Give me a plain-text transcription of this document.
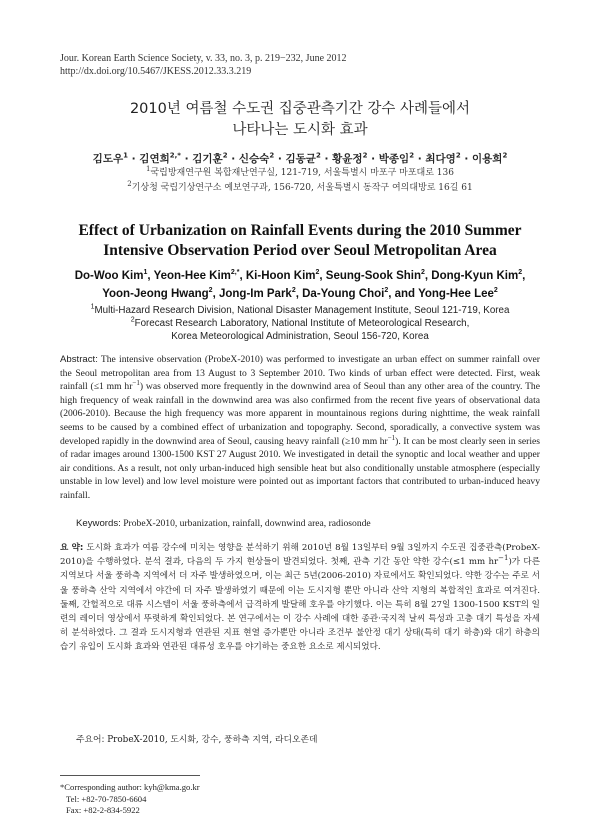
Jour. Korean Earth Science Society, v. 33, no. 3, p. 219−232, June 2012
http://dx.doi.org/10.5467/JKESS.2012.33.3.219
2010년 여름철 수도권 집중관측기간 강수 사례들에서
나타나는 도시화 효과
김도우$^1$ · 김연희$^{2,*}$ · 김기훈$^2$ · 신승숙$^2$ · 김동균$^2$ · 황윤정$^2$ · 박종임$^2$ · 최다영$^2$ · 이용희$^2$
$^1$국립방재연구원 복합재난연구실, 121-719, 서울특별시 마포구 마포대로 136
$^2$기상청 국립기상연구소 예보연구과, 156-720, 서울특별시 동작구 여의대방로 16길 61
Effect of Urbanization on Rainfall Events during the 2010 Summer
Intensive Observation Period over Seoul Metropolitan Area
Do-Woo Kim$^1$, Yeon-Hee Kim$^{2,*}$, Ki-Hoon Kim$^2$, Seung-Sook Shin$^2$, Dong-Kyun Kim$^2$,
Yoon-Jeong Hwang$^2$, Jong-Im Park$^2$, Da-Young Choi$^2$, and Yong-Hee Lee$^2$
$^1$Multi-Hazard Research Division, National Disaster Management Institute, Seoul 121-719, Korea
$^2$Forecast Research Laboratory, National Institute of Meteorological Research,
Korea Meteorological Administration, Seoul 156-720, Korea
Abstract: The intensive observation (ProbeX-2010) was performed to investigate an urban effect on summer rainfall over the Seoul metropolitan area from 13 August to 3 September 2010. Two kinds of urban effect were detected. First, weak rainfall (≤1 mm $hr^{-1}$) was observed more frequently in the downwind area of Seoul than any other area of the country. The high frequency of weak rainfall in the downwind area was also confirmed from the recent five years of observational data (2006-2010). Because the high frequency was more apparent in mountainous regions during nighttime, the weak rainfall seems to be caused by a combined effect of urbanization and topography. Second, sporadically, a convective system was developed rapidly in the downwind area of Seoul, causing heavy rainfall (≥10 mm $hr^{-1}$). It can be most clearly seen in series of radar images around 1300-1500 KST 27 August 2010. We investigated in detail the synoptic and local weather and upper air conditions. As a result, not only urban-induced high sensible heat but also conditionally unstable atmosphere (especially unstable in low level) and low level moisture were pointed out as important factors that contributed to urban-induced heavy rainfall.
Keywords: ProbeX-2010, urbanization, rainfall, downwind area, radiosonde
요 약: 도시화 효과가 여름 강수에 미치는 영향을 분석하기 위해 2010년 8월 13일부터 9월 3일까지 수도권 집중관측(ProbeX-2010)을 수행하였다. 분석 결과, 다음의 두 가지 현상들이 발견되었다. 첫째, 관측 기간 동안 약한 강수(≤1 mm $hr^{-1}$)가 다른 지역보다 서울 풍하측 지역에서 더 자주 발생하였으며, 이는 최근 5년(2006-2010) 자료에서도 확인되었다. 약한 강수는 주로 서울 풍하측 산악 지역에서 야간에 더 자주 발생하였기 때문에 이는 도시지형 뿐만 아니라 산악 지형의 복합적인 효과로 여겨진다. 둘째, 간헐적으로 대류 시스템이 서울 풍하측에서 급격하게 발달해 호우를 야기했다. 이는 특히 8월 27일 1300-1500 KST의 일련의 레이더 영상에서 뚜렷하게 확인되었다. 본 연구에서는 이 강수 사례에 대한 종관·국지적 날씨 특성과 고층 대기 특성을 자세히 분석하였다. 그 결과 도시지형과 연관된 지표 현열 증가뿐만 아니라 조건부 불안정 대기 상태(특히 대기 하층)와 대기 하층의 습기 유입이 도시화 효과와 연관된 대류성 호우를 야기하는 중요한 요소로 제시되었다.
주요어: ProbeX-2010, 도시화, 강수, 풍하측 지역, 라디오존데
*Corresponding author: kyh@kma.go.kr
Tel: +82-70-7850-6604
Fax: +82-2-834-5922
